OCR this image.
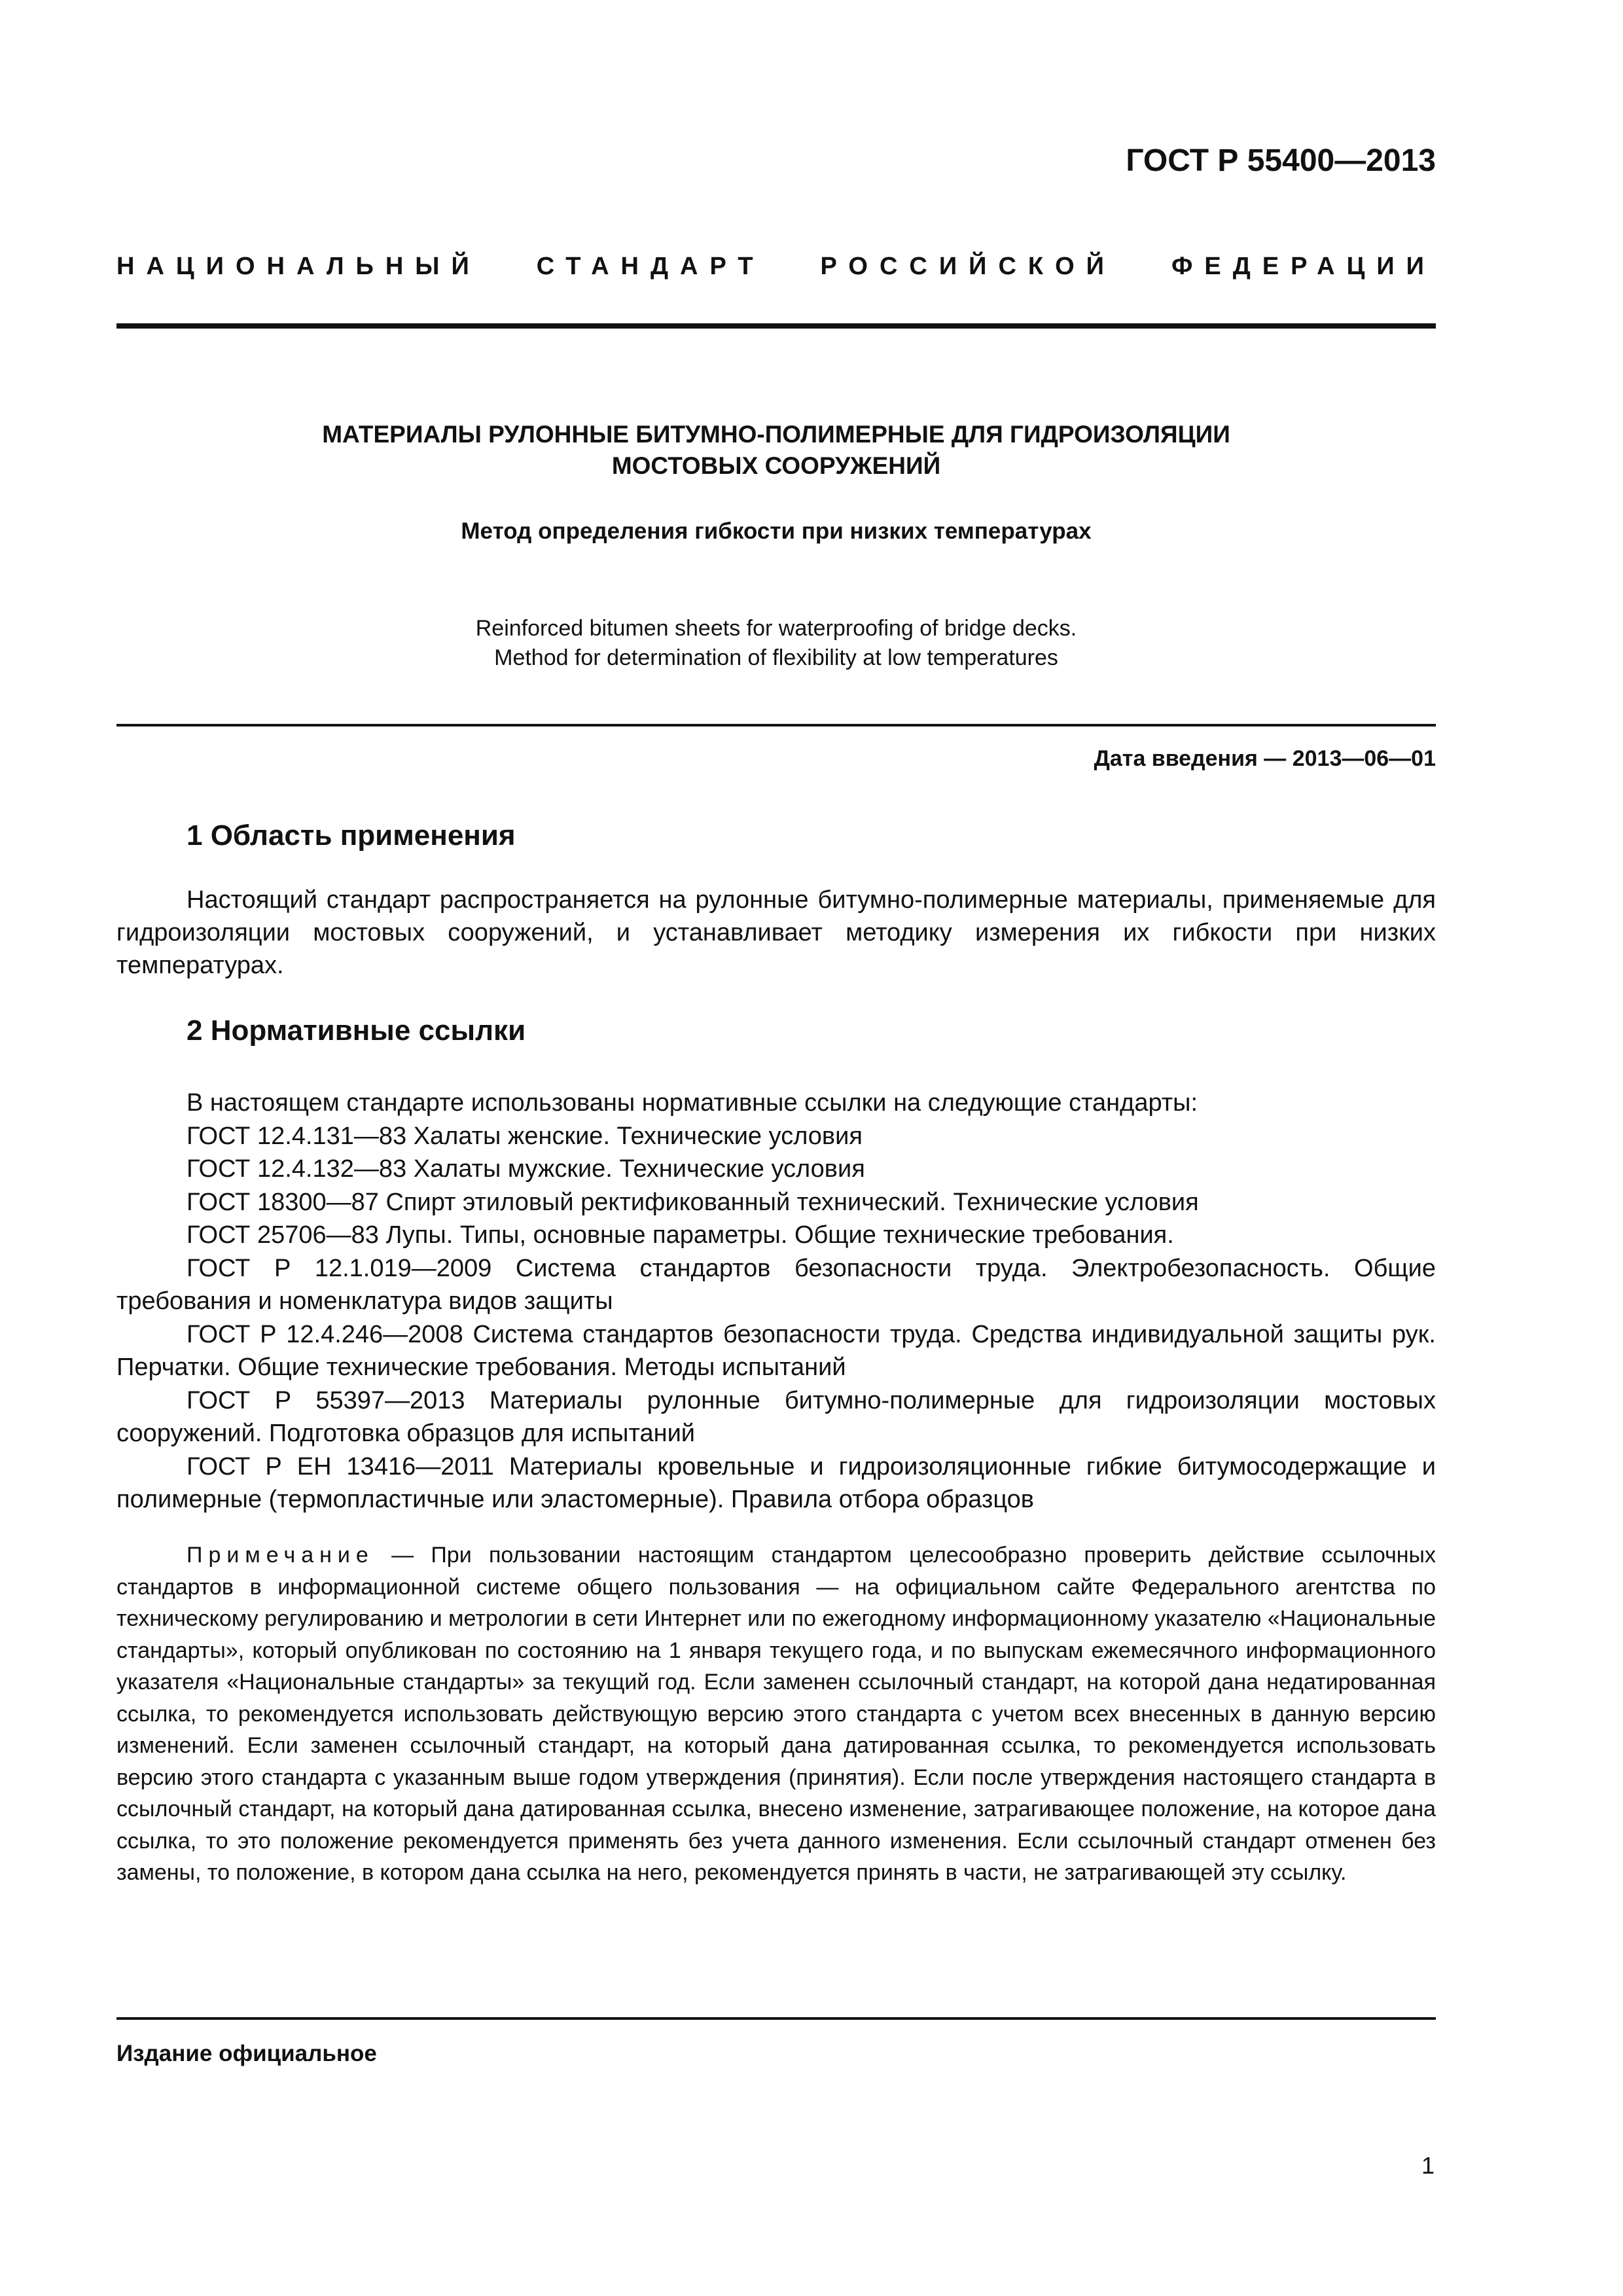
ГОСТ Р 55400—2013
НАЦИОНАЛЬНЫЙ СТАНДАРТ РОССИЙСКОЙ ФЕДЕРАЦИИ
МАТЕРИАЛЫ РУЛОННЫЕ БИТУМНО-ПОЛИМЕРНЫЕ ДЛЯ ГИДРОИЗОЛЯЦИИ
МОСТОВЫХ СООРУЖЕНИЙ
Метод определения гибкости при низких температурах
Reinforced bitumen sheets for waterproofing of bridge decks.
Method for determination of flexibility at low temperatures
Дата введения — 2013—06—01
1 Область применения

Настоящий стандарт распространяется на рулонные битумно-полимерные материалы, применяемые для гидроизоляции мостовых сооружений, и устанавливает методику измерения их гибкости при низких температурах.

2 Нормативные ссылки

В настоящем стандарте использованы нормативные ссылки на следующие стандарты:

ГОСТ 12.4.131—83 Халаты женские. Технические условия

ГОСТ 12.4.132—83 Халаты мужские. Технические условия

ГОСТ 18300—87 Спирт этиловый ректификованный технический. Технические условия

ГОСТ 25706—83 Лупы. Типы, основные параметры. Общие технические требования.

ГОСТ Р 12.1.019—2009 Система стандартов безопасности труда. Электробезопасность. Общие требования и номенклатура видов защиты

ГОСТ Р 12.4.246—2008 Система стандартов безопасности труда. Средства индивидуальной защиты рук. Перчатки. Общие технические требования. Методы испытаний

ГОСТ Р 55397—2013 Материалы рулонные битумно-полимерные для гидроизоляции мостовых сооружений. Подготовка образцов для испытаний

ГОСТ Р ЕН 13416—2011 Материалы кровельные и гидроизоляционные гибкие битумосодержащие и полимерные (термопластичные или эластомерные). Правила отбора образцов

Примечание — При пользовании настоящим стандартом целесообразно проверить действие ссылочных стандартов в информационной системе общего пользования — на официальном сайте Федерального агентства по техническому регулированию и метрологии в сети Интернет или по ежегодному информационному указателю «Национальные стандарты», который опубликован по состоянию на 1 января текущего года, и по выпускам ежемесячного информационного указателя «Национальные стандарты» за текущий год. Если заменен ссылочный стандарт, на которой дана недатированная ссылка, то рекомендуется использовать действующую версию этого стандарта с учетом всех внесенных в данную версию изменений. Если заменен ссылочный стандарт, на который дана датированная ссылка, то рекомендуется использовать версию этого стандарта с указанным выше годом утверждения (принятия). Если после утверждения настоящего стандарта в ссылочный стандарт, на который дана датированная ссылка, внесено изменение, затрагивающее положение, на которое дана ссылка, то это положение рекомендуется применять без учета данного изменения. Если ссылочный стандарт отменен без замены, то положение, в котором дана ссылка на него, рекомендуется принять в части, не затрагивающей эту ссылку.

Издание официальное
1
